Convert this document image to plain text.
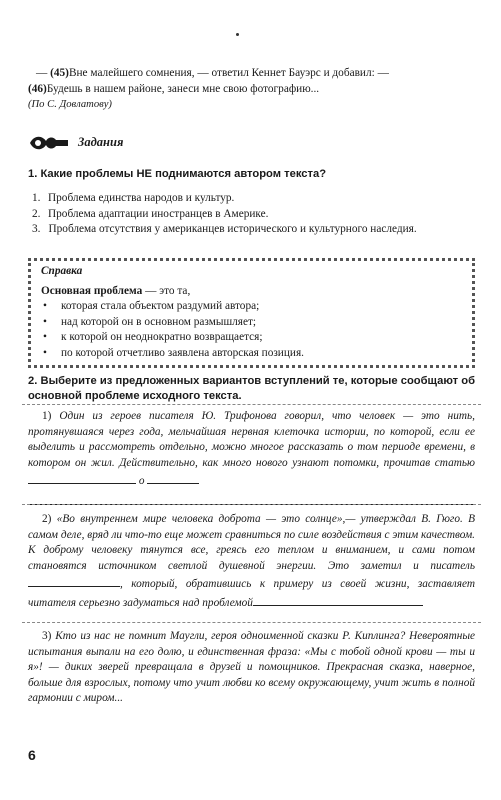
— (45)Вне малейшего сомнения, — ответил Кеннет Бауэрс и добавил: —
(46)Будешь в нашем районе, занеси мне свою фотографию...
(По С. Довлатову)
Задания
1. Какие проблемы НЕ поднимаются автором текста?
1. Проблема единства народов и культур.
2. Проблема адаптации иностранцев в Америке.
3. Проблема отсутствия у американцев исторического и культурного наследия.
Справка
Основная проблема — это та,
• которая стала объектом раздумий автора;
• над которой он в основном размышляет;
• к которой он неоднократно возвращается;
• по которой отчетливо заявлена авторская позиция.
2. Выберите из предложенных вариантов вступлений те, которые сообщают об основной проблеме исходного текста.
1) Один из героев писателя Ю. Трифонова говорил, что человек — это нить, протянувшаяся через года, мельчайшая нервная клеточка истории, по которой, если ее выделить и рассмотреть отдельно, можно многое рассказать о том периоде времени, в котором он жил. Действительно, как много нового узнают потомки, прочитав статью о
2) «Во внутреннем мире человека доброта — это солнце»,— утверждал В. Гюго. В самом деле, вряд ли что-то еще может сравниться по силе воздействия с этим качеством. К доброму человеку тянутся все, греясь его теплом и вниманием, и сами потом становятся источником светлой душевной энергии. Это заметил и писатель, который, обратившись к примеру из своей жизни, заставляет читателя серьезно задуматься над проблемой
3) Кто из нас не помнит Маугли, героя одноименной сказки Р. Киплинга? Невероятные испытания выпали на его долю, и единственная фраза: «Мы с тобой одной крови — ты и я»! — диких зверей превращала в друзей и помощников. Прекрасная сказка, наверное, больше для взрослых, потому что учит любви ко всему окружающему, учит жить в полной гармонии с миром...
6
